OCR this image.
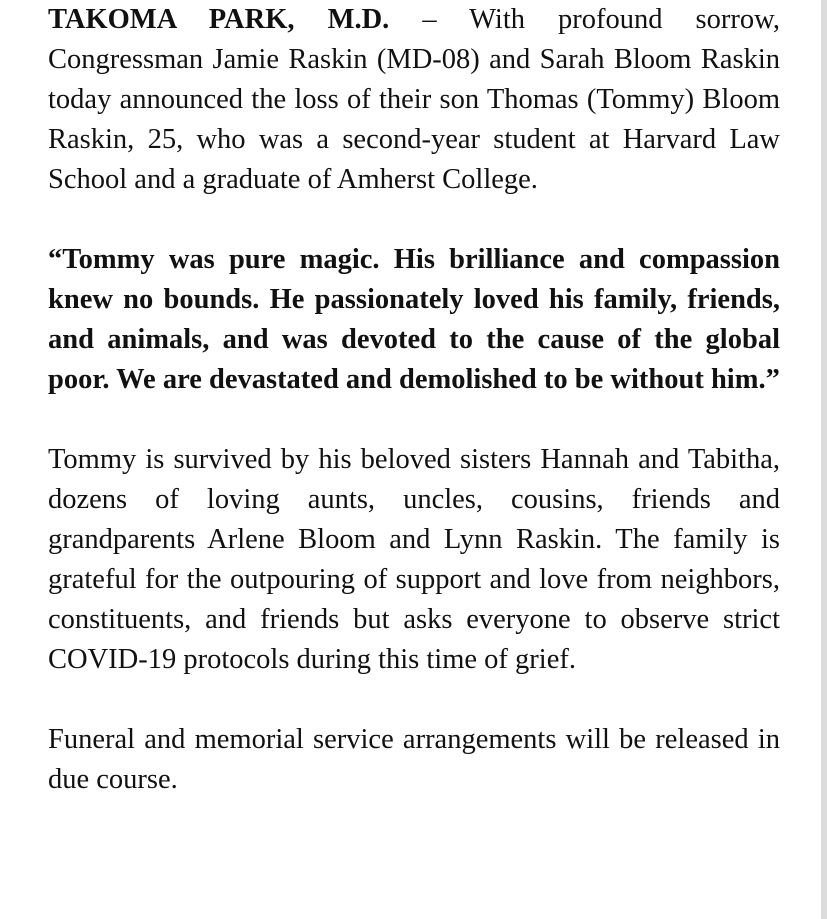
TAKOMA PARK, M.D. – With profound sorrow, Congressman Jamie Raskin (MD-08) and Sarah Bloom Raskin today announced the loss of their son Thomas (Tommy) Bloom Raskin, 25, who was a second-year student at Harvard Law School and a graduate of Amherst College.

“Tommy was pure magic. His brilliance and compassion knew no bounds. He passionately loved his family, friends, and animals, and was devoted to the cause of the global poor. We are devastated and demolished to be without him.”

Tommy is survived by his beloved sisters Hannah and Tabitha, dozens of loving aunts, uncles, cousins, friends and grandparents Arlene Bloom and Lynn Raskin. The family is grateful for the outpouring of support and love from neighbors, constituents, and friends but asks everyone to observe strict COVID-19 protocols during this time of grief.

Funeral and memorial service arrangements will be released in due course.
